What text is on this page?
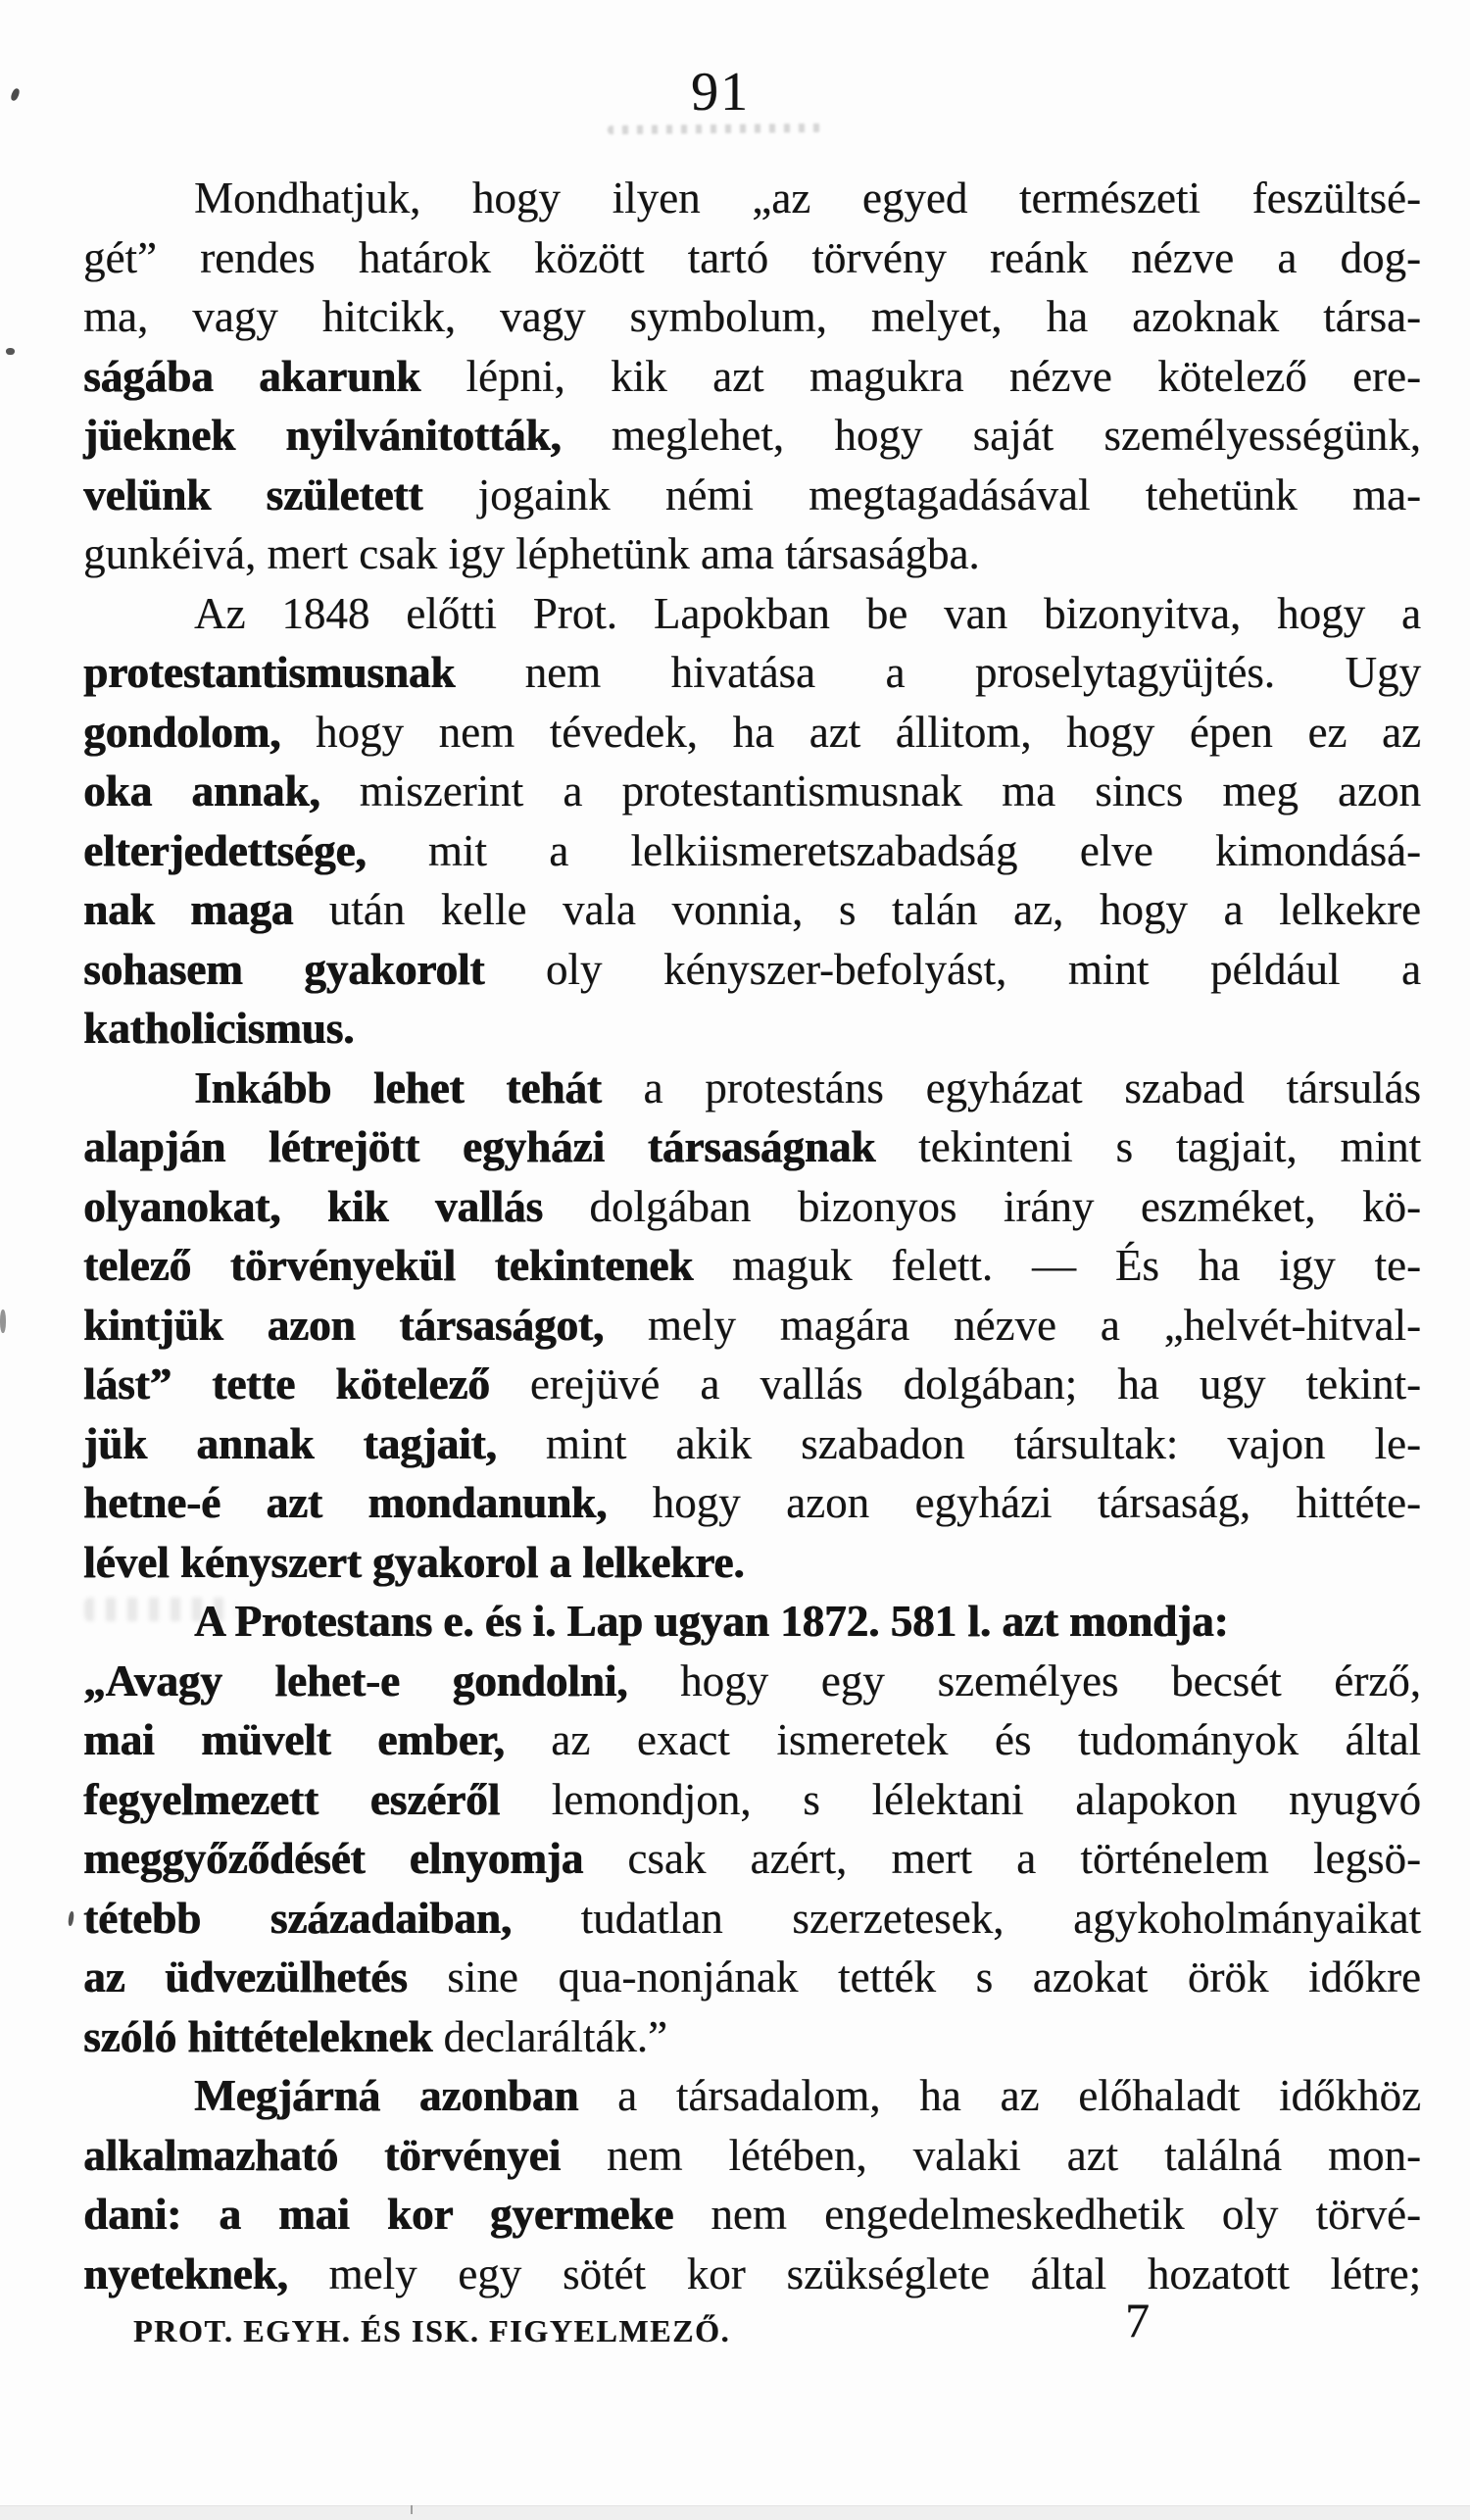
91
Mondhatjuk, hogy ilyen „az egyed természeti feszültsé-
gét” rendes határok között tartó törvény reánk nézve a dog-
ma, vagy hitcikk, vagy symbolum, melyet, ha azoknak társa-
ságába akarunk lépni, kik azt magukra nézve kötelező ere-
jüeknek nyilvánitották, meglehet, hogy saját személyességünk,
velünk született jogaink némi megtagadásával tehetünk ma-
gunkéivá, mert csak igy léphetünk ama társaságba.
Az 1848 előtti Prot. Lapokban be van bizonyitva, hogy a
protestantismusnak nem hivatása a proselytagyüjtés. Ugy
gondolom, hogy nem tévedek, ha azt állitom, hogy épen ez az
oka annak, miszerint a protestantismusnak ma sincs meg azon
elterjedettsége, mit a lelkiismeretszabadság elve kimondásá-
nak maga után kelle vala vonnia, s talán az, hogy a lelkekre
sohasem gyakorolt oly kényszer-befolyást, mint például a
katholicismus.
Inkább lehet tehát a protestáns egyházat szabad társulás
alapján létrejött egyházi társaságnak tekinteni s tagjait, mint
olyanokat, kik vallás dolgában bizonyos irány eszméket, kö-
telező törvényekül tekintenek maguk felett. — És ha igy te-
kintjük azon társaságot, mely magára nézve a „helvét-hitval-
lást” tette kötelező erejüvé a vallás dolgában; ha ugy tekint-
jük annak tagjait, mint akik szabadon társultak: vajon le-
hetne-é azt mondanunk, hogy azon egyházi társaság, hittéte-
lével kényszert gyakorol a lelkekre.
A Protestans e. és i. Lap ugyan 1872. 581 l. azt mondja:
„Avagy lehet-e gondolni, hogy egy személyes becsét érző,
mai müvelt ember, az exact ismeretek és tudományok által
fegyelmezett eszéről lemondjon, s lélektani alapokon nyugvó
meggyőződését elnyomja csak azért, mert a történelem legsö-
tétebb századaiban, tudatlan szerzetesek, agykoholmányaikat
az üdvezülhetés sine qua-nonjának tették s azokat örök időkre
szóló hittételeknek declarálták.”
Megjárná azonban a társadalom, ha az előhaladt időkhöz
alkalmazható törvényei nem létében, valaki azt találná mon-
dani: a mai kor gyermeke nem engedelmeskedhetik oly törvé-
nyeteknek, mely egy sötét kor szükséglete által hozatott létre;
PROT. EGYH. ÉS ISK. FIGYELMEZŐ.	7
